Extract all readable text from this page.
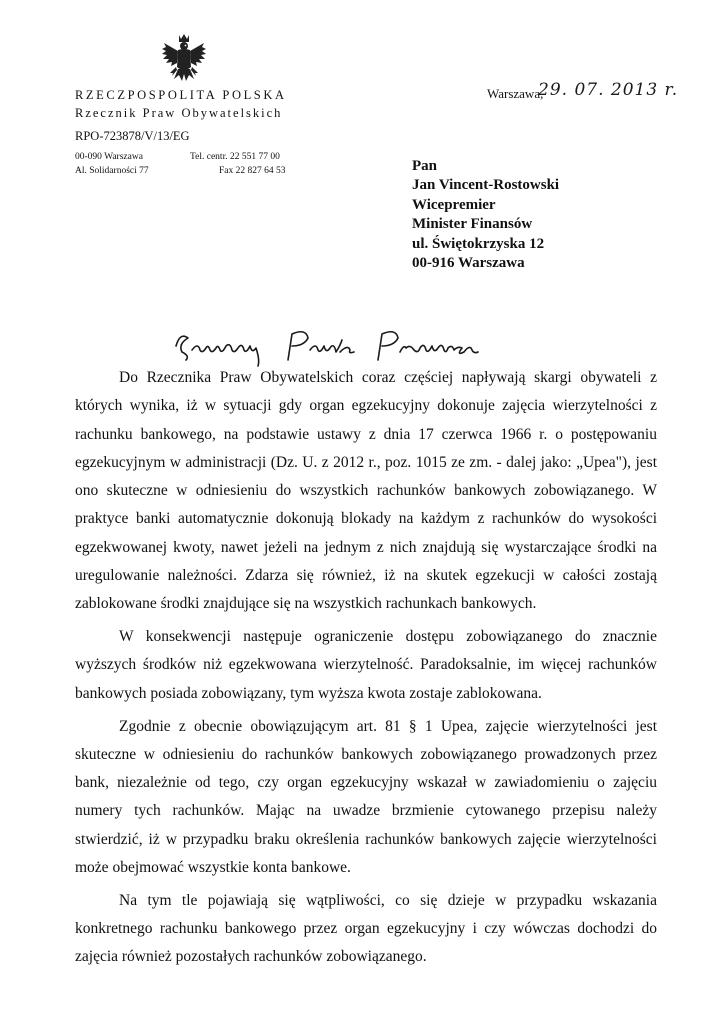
RZECZPOSPOLITA POLSKA
Rzecznik Praw Obywatelskich
RPO-723878/V/13/EG
00-090 Warszawa
Al. Solidarności 77
Tel. centr. 22 551 77 00
Fax 22 827 64 53
Warszawa,
29. 07. 2013 r.
Pan
Jan Vincent-Rostowski
Wicepremier
Minister Finansów
ul. Świętokrzyska 12
00-916 Warszawa

Do Rzecznika Praw Obywatelskich coraz częściej napływają skargi obywateli z których wynika, iż w sytuacji gdy organ egzekucyjny dokonuje zajęcia wierzytelności z rachunku bankowego, na podstawie ustawy z dnia 17 czerwca 1966 r. o postępowaniu egzekucyjnym w administracji (Dz. U. z 2012 r., poz. 1015 ze zm. - dalej jako: „Upea"), jest ono skuteczne w odniesieniu do wszystkich rachunków bankowych zobowiązanego. W praktyce banki automatycznie dokonują blokady na każdym z rachunków do wysokości egzekwowanej kwoty, nawet jeżeli na jednym z nich znajdują się wystarczające środki na uregulowanie należności. Zdarza się również, iż na skutek egzekucji w całości zostają zablokowane środki znajdujące się na wszystkich rachunkach bankowych.

W konsekwencji następuje ograniczenie dostępu zobowiązanego do znacznie wyższych środków niż egzekwowana wierzytelność. Paradoksalnie, im więcej rachunków bankowych posiada zobowiązany, tym wyższa kwota zostaje zablokowana.

Zgodnie z obecnie obowiązującym art. 81 § 1 Upea, zajęcie wierzytelności jest skuteczne w odniesieniu do rachunków bankowych zobowiązanego prowadzonych przez bank, niezależnie od tego, czy organ egzekucyjny wskazał w zawiadomieniu o zajęciu numery tych rachunków. Mając na uwadze brzmienie cytowanego przepisu należy stwierdzić, iż w przypadku braku określenia rachunków bankowych zajęcie wierzytelności może obejmować wszystkie konta bankowe.

Na tym tle pojawiają się wątpliwości, co się dzieje w przypadku wskazania konkretnego rachunku bankowego przez organ egzekucyjny i czy wówczas dochodzi do zajęcia również pozostałych rachunków zobowiązanego.
